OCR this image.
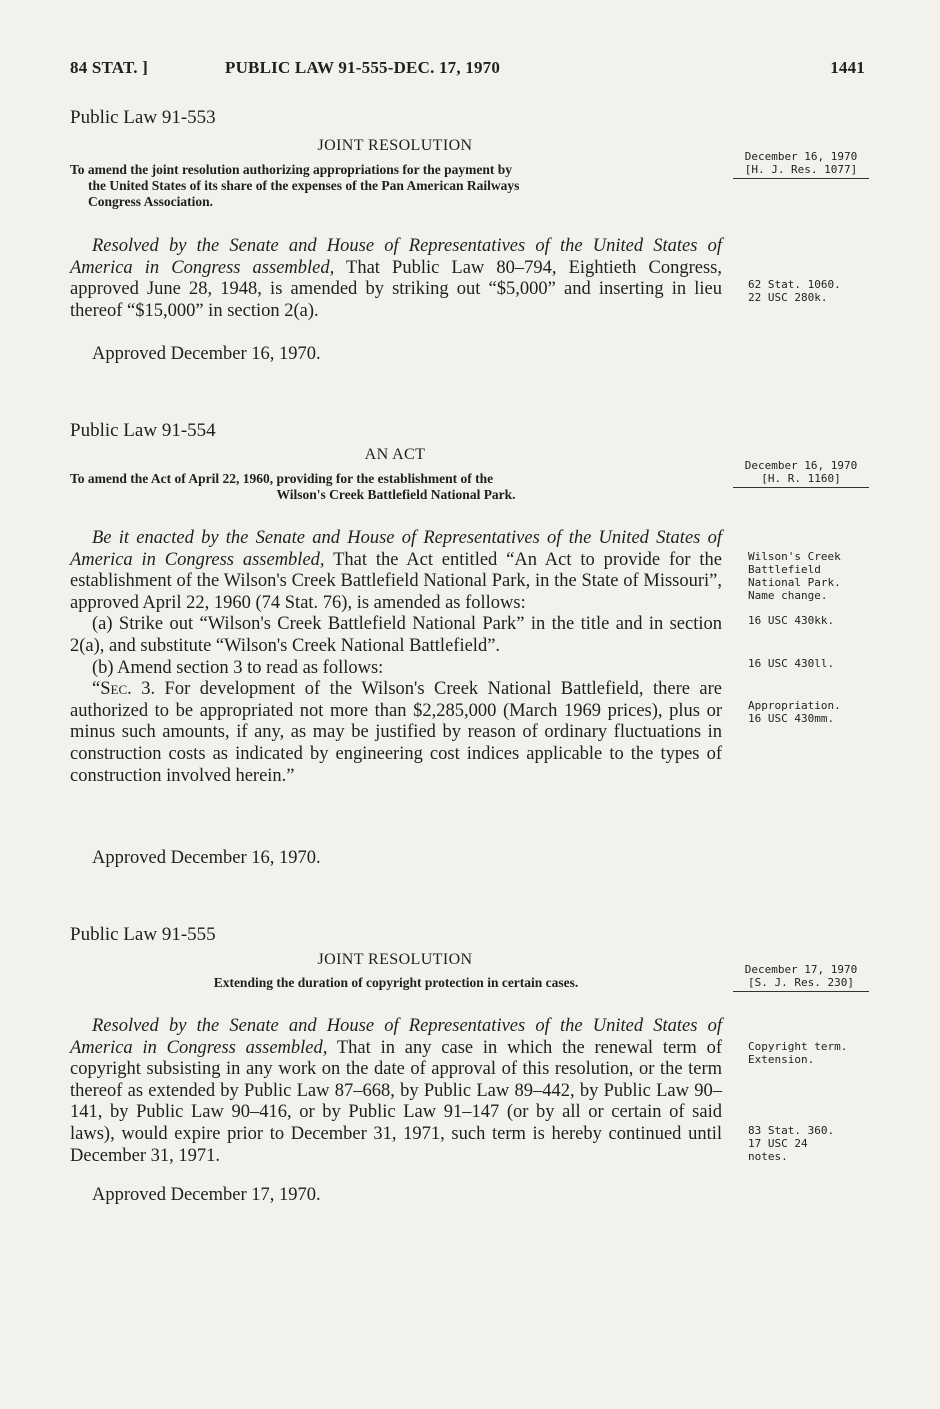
84 STAT. ]	PUBLIC LAW 91-555-DEC. 17, 1970	1441
Public Law 91-553
JOINT RESOLUTION
To amend the joint resolution authorizing appropriations for the payment by
the United States of its share of the expenses of the Pan American Railways
Congress Association.
December 16, 1970
[H. J. Res. 1077]

Resolved by the Senate and House of Representatives of the United States of America in Congress assembled, That Public Law 80–794, Eightieth Congress, approved June 28, 1948, is amended by striking out “$5,000” and inserting in lieu thereof “$15,000” in section 2(a).

62 Stat. 1060.
22 USC 280k.
Approved December 16, 1970.
Public Law 91-554
AN ACT
To amend the Act of April 22, 1960, providing for the establishment of the
Wilson's Creek Battlefield National Park.
December 16, 1970
[H. R. 1160]

Be it enacted by the Senate and House of Representatives of the United States of America in Congress assembled, That the Act entitled “An Act to provide for the establishment of the Wilson's Creek Battlefield National Park, in the State of Missouri”, approved April 22, 1960 (74 Stat. 76), is amended as follows:

(a) Strike out “Wilson's Creek Battlefield National Park” in the title and in section 2(a), and substitute “Wilson's Creek National Battlefield”.

(b) Amend section 3 to read as follows:

“Sec. 3. For development of the Wilson's Creek National Battlefield, there are authorized to be appropriated not more than $2,285,000 (March 1969 prices), plus or minus such amounts, if any, as may be justified by reason of ordinary fluctuations in construction costs as indicated by engineering cost indices applicable to the types of construction involved herein.”

Wilson's Creek
Battlefield
National Park.
Name change.
16 USC 430kk.
16 USC 430ll.
Appropriation.
16 USC 430mm.
Approved December 16, 1970.
Public Law 91-555
JOINT RESOLUTION
Extending the duration of copyright protection in certain cases.
December 17, 1970
[S. J. Res. 230]

Resolved by the Senate and House of Representatives of the United States of America in Congress assembled, That in any case in which the renewal term of copyright subsisting in any work on the date of approval of this resolution, or the term thereof as extended by Public Law 87–668, by Public Law 89–442, by Public Law 90–141, by Public Law 90–416, or by Public Law 91–147 (or by all or certain of said laws), would expire prior to December 31, 1971, such term is hereby continued until December 31, 1971.

Copyright term.
Extension.
83 Stat. 360.
17 USC 24
notes.
Approved December 17, 1970.
